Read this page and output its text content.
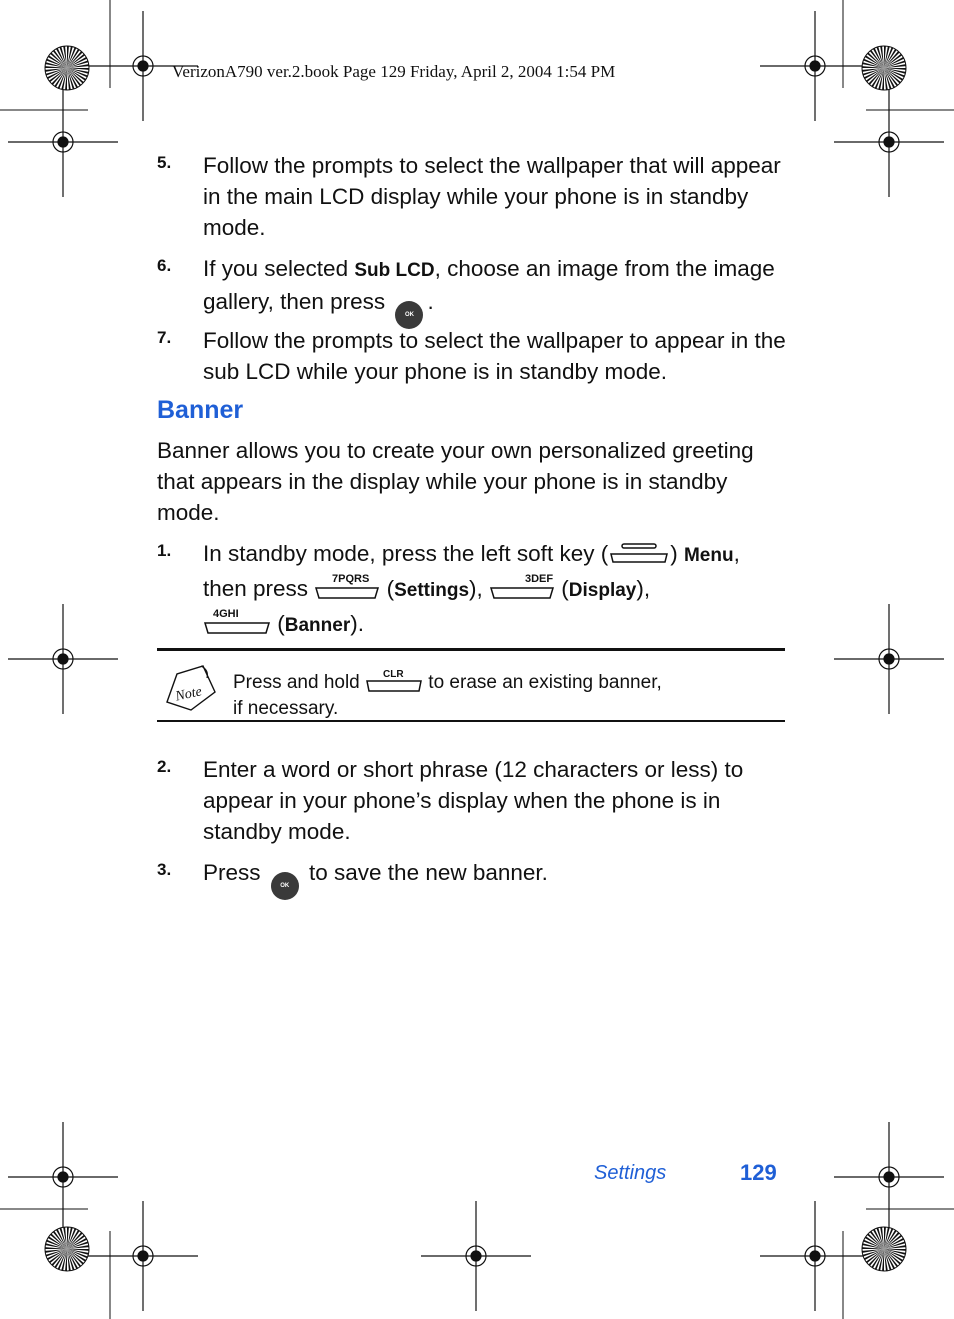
VerizonA790 ver.2.book Page 129 Friday, April 2, 2004 1:54 PM
5. Follow the prompts to select the wallpaper that will appear in the main LCD display while your phone is in standby mode.
6. If you selected Sub LCD, choose an image from the image gallery, then press OK.
7. Follow the prompts to select the wallpaper to appear in the sub LCD while your phone is in standby mode.
Banner
Banner allows you to create your own personalized greeting that appears in the display while your phone is in standby mode.
1. In standby mode, press the left soft key (	) Menu,
then press 7PQRS (Settings),	3DEF (Display),

4GHI (Banner).
Note
Press and hold CLR to erase an existing banner,
if necessary.
2. Enter a word or short phrase (12 characters or less) to appear in your phone’s display when the phone is in standby mode.
3. Press OK to save the new banner.
Settings	129
